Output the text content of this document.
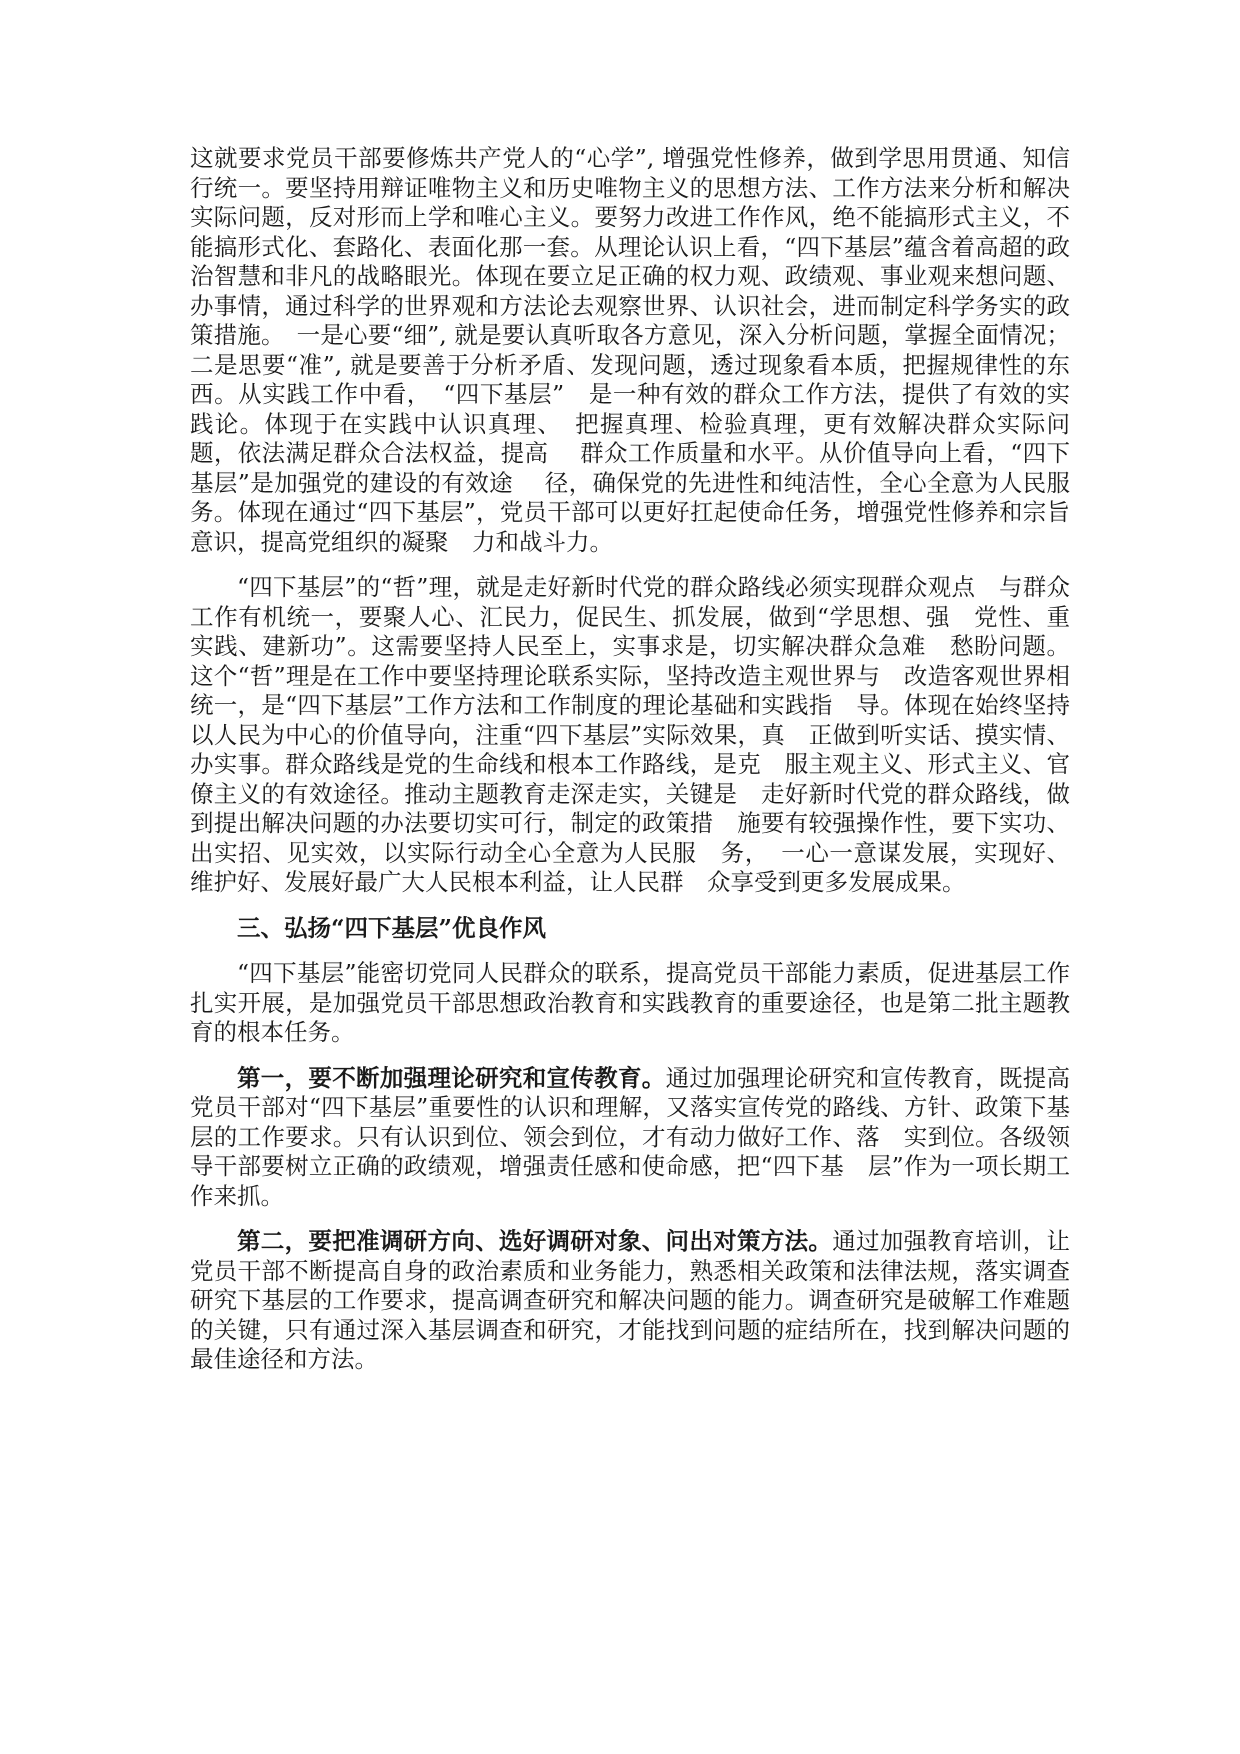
这就要求党员干部要修炼共产党人的“心学”, 增强党性修养，做到学思用贯通、知信行统一。要坚持用辩证唯物主义和历史唯物主义的思想方法、工作方法来分析和解决实际问题，反对形而上学和唯心主义。要努力改进工作作风，绝不能搞形式主义，不能搞形式化、套路化、表面化那一套。从理论认识上看，“四下基层”蕴含着高超的政治智慧和非凡的战略眼光。体现在要立足正确的权力观、政绩观、事业观来想问题、办事情，通过科学的世界观和方法论去观察世界、认识社会，进而制定科学务实的政策措施。　一是心要“细”, 就是要认真听取各方意见，深入分析问题，掌握全面情况；二是思要“准”, 就是要善于分析矛盾、发现问题，透过现象看本质，把握规律性的东西。从实践工作中看，　“四下基层”　是一种有效的群众工作方法，提供了有效的实践论。体现于在实践中认识真理、　把握真理、检验真理，更有效解决群众实际问题，依法满足群众合法权益，提高　 群众工作质量和水平。从价值导向上看，“四下基层”是加强党的建设的有效途　 径，确保党的先进性和纯洁性，全心全意为人民服务。体现在通过“四下基层”，党员干部可以更好扛起使命任务，增强党性修养和宗旨意识，提高党组织的凝聚　力和战斗力。

“四下基层”的“哲”理，就是走好新时代党的群众路线必须实现群众观点　与群众工作有机统一，要聚人心、汇民力，促民生、抓发展，做到“学思想、强　党性、重实践、建新功”。这需要坚持人民至上，实事求是，切实解决群众急难　愁盼问题。这个“哲”理是在工作中要坚持理论联系实际，坚持改造主观世界与　改造客观世界相统一，是“四下基层”工作方法和工作制度的理论基础和实践指　导。体现在始终坚持以人民为中心的价值导向，注重“四下基层”实际效果，真　正做到听实话、摸实情、办实事。群众路线是党的生命线和根本工作路线，是克　服主观主义、形式主义、官僚主义的有效途径。推动主题教育走深走实，关键是　走好新时代党的群众路线，做到提出解决问题的办法要切实可行，制定的政策措　施要有较强操作性，要下实功、出实招、见实效，以实际行动全心全意为人民服　务，　一心一意谋发展，实现好、维护好、发展好最广大人民根本利益，让人民群　众享受到更多发展成果。

三、弘扬“四下基层”优良作风

“四下基层”能密切党同人民群众的联系，提高党员干部能力素质，促进基层工作扎实开展，是加强党员干部思想政治教育和实践教育的重要途径，也是第二批主题教育的根本任务。

第一，要不断加强理论研究和宣传教育。通过加强理论研究和宣传教育，既提高党员干部对“四下基层”重要性的认识和理解，又落实宣传党的路线、方针、政策下基层的工作要求。只有认识到位、领会到位，才有动力做好工作、落　实到位。各级领导干部要树立正确的政绩观，增强责任感和使命感，把“四下基　层”作为一项长期工作来抓。

第二，要把准调研方向、选好调研对象、问出对策方法。通过加强教育培训，让党员干部不断提高自身的政治素质和业务能力，熟悉相关政策和法律法规，落实调查研究下基层的工作要求，提高调查研究和解决问题的能力。调查研究是破解工作难题的关键，只有通过深入基层调查和研究，才能找到问题的症结所在，找到解决问题的最佳途径和方法。
